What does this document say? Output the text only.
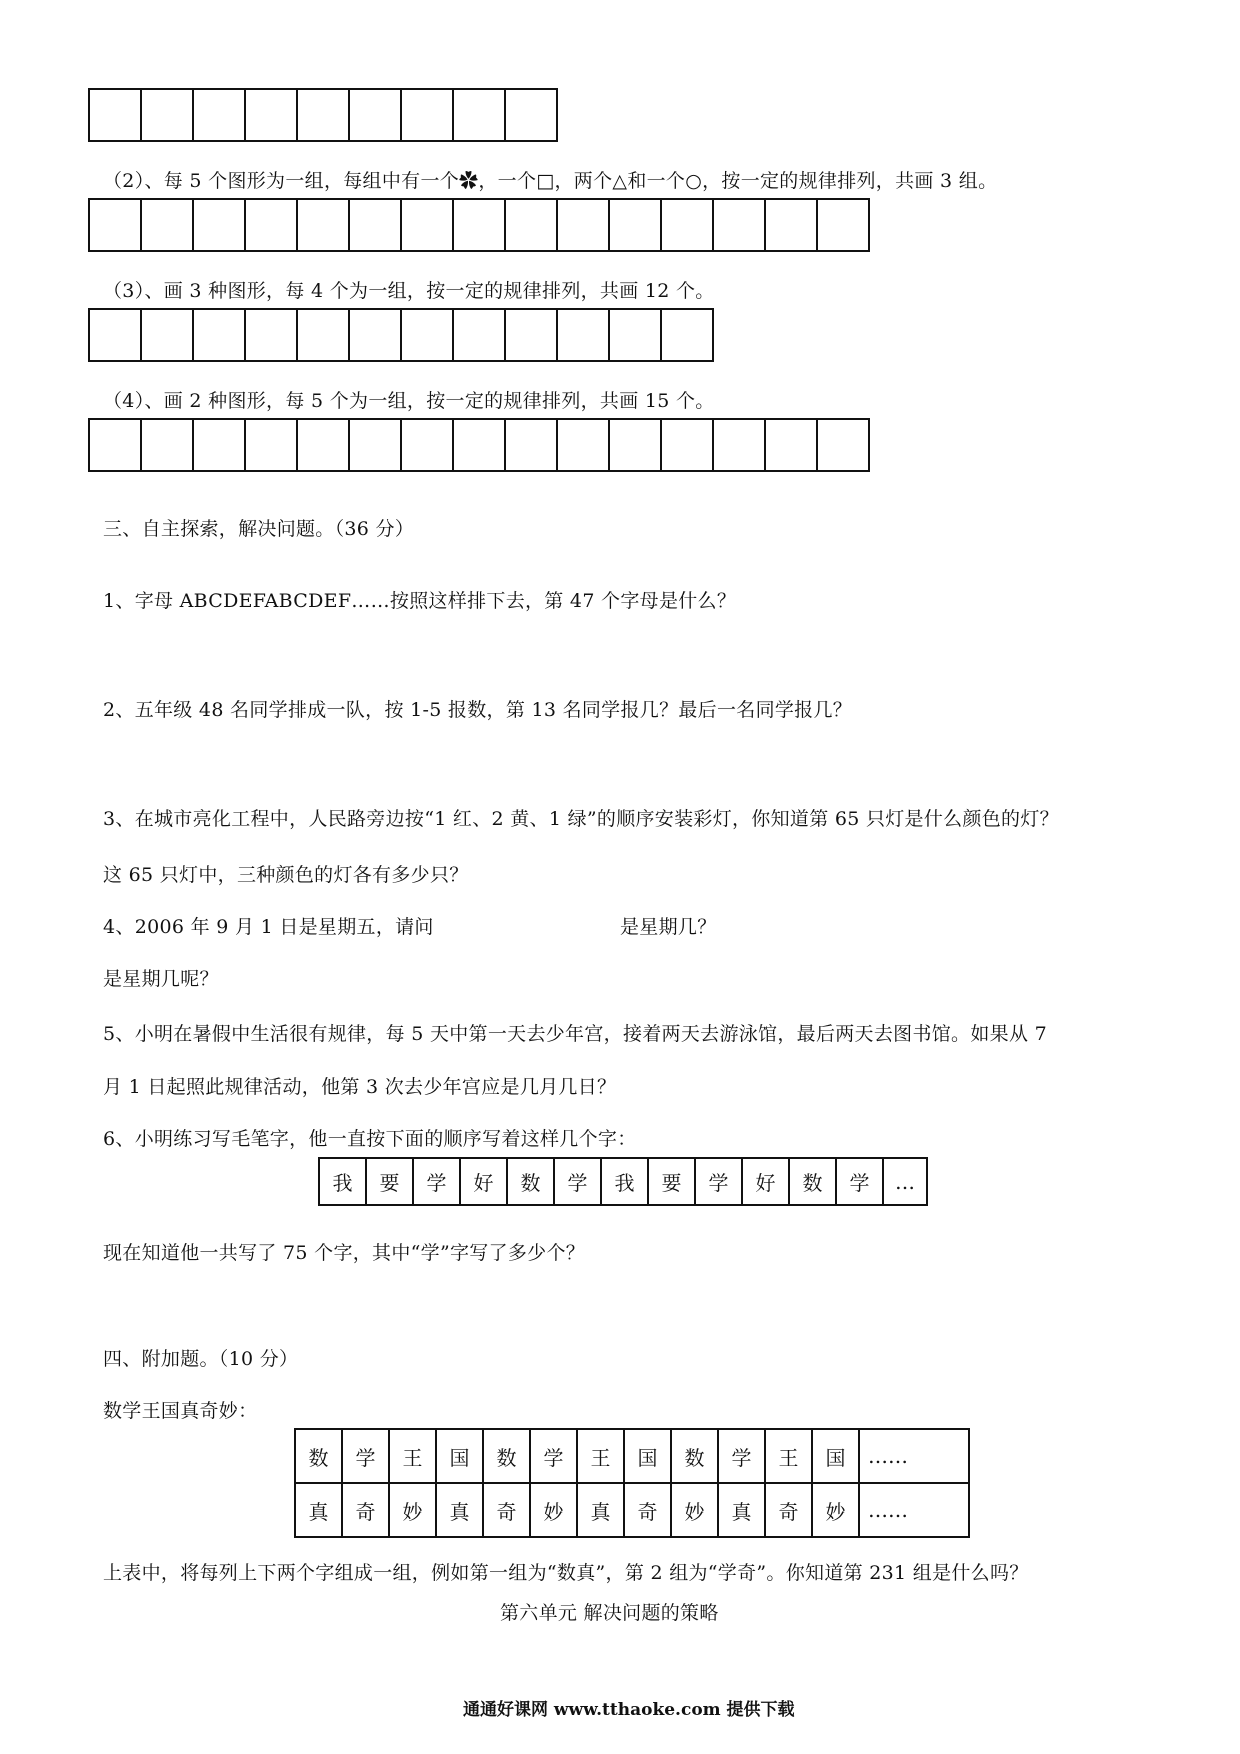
（2）、每 5 个图形为一组，每组中有一个✿，一个□，两个△和一个○，按一定的规律排列，共画 3 组。

（3）、画 3 种图形，每 4 个为一组，按一定的规律排列，共画 12 个。

（4）、画 2 种图形，每 5 个为一组，按一定的规律排列，共画 15 个。

三、自主探索，解决问题。（36 分）
1、字母 ABCDEFABCDEF……按照这样排下去，第 47 个字母是什么？
2、五年级 48 名同学排成一队，按 1-5 报数，第 13 名同学报几？最后一名同学报几？
3、在城市亮化工程中，人民路旁边按“1 红、2 黄、1 绿”的顺序安装彩灯，你知道第 65 只灯是什么颜色的灯？
这 65 只灯中，三种颜色的灯各有多少只？
4、2006 年 9 月 1 日是星期五，请问	是星期几？
是星期几呢？
5、小明在暑假中生活很有规律，每 5 天中第一天去少年宫，接着两天去游泳馆，最后两天去图书馆。如果从 7
月 1 日起照此规律活动，他第 3 次去少年宫应是几月几日？
6、小明练习写毛笔字，他一直按下面的顺序写着这样几个字：
我	要	学	好	数	学	我	要	学	好	数	学	…
现在知道他一共写了 75 个字，其中“学”字写了多少个？
四、附加题。（10 分）
数学王国真奇妙：
数	学	王	国	数	学	王	国	数	学	王	国	……
真	奇	妙	真	奇	妙	真	奇	妙	真	奇	妙	……
上表中，将每列上下两个字组成一组，例如第一组为“数真”，第 2 组为“学奇”。你知道第 231 组是什么吗？
第六单元 解决问题的策略
通通好课网 www.tthaoke.com 提供下载
